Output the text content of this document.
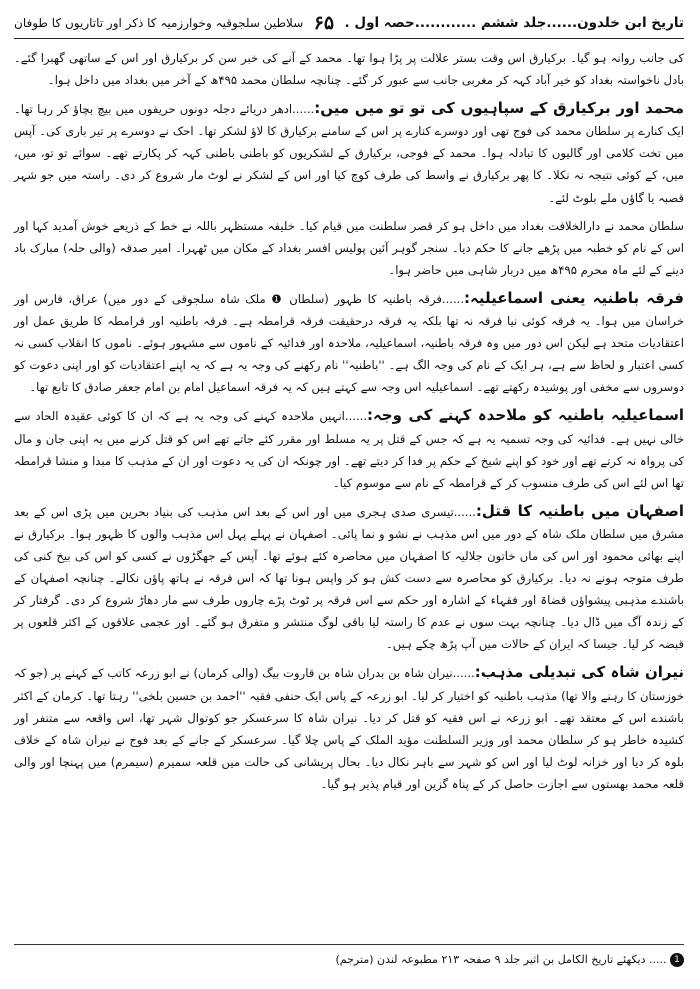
تاریخ ابن خلدون......جلد ششم ............حصہ اول .
۶۵
سلاطین سلجوقیہ وخوارزمیہ کا ذکر اور تاتاریوں کا طوفان

کی جانب روانہ ہو گیا۔ برکیارق اس وقت بستر علالت پر پڑا ہوا تھا۔ محمد کے آنے کی خبر سن کر برکیارق اور اس کے ساتھی گھبرا گئے۔ بادل ناخواستہ بغداد کو خیر آباد کہہ کر مغربی جانب سے عبور کر گئے۔ چنانچہ سلطان محمد ۴۹۵ھ کے آخر میں بغداد میں داخل ہوا۔

محمد اور برکیارق کے سپاہیوں کی تو تو میں میں:......ادھر دریائے دجلہ دونوں حریفوں میں بیچ بچاؤ کر رہا تھا۔ ایک کنارے پر سلطان محمد کی فوج تھی اور دوسرے کنارے پر اس کے سامنے برکیارق کا لاؤ لشکر تھا۔ احک نے دوسرے پر تیر باری کی۔ آپس میں تخت کلامی اور گالیوں کا تبادلہ ہوا۔ محمد کے فوجی، برکیارق کے لشکریوں کو باطنی باطنی کہہ کر پکارتے تھے۔ سوائے تو تو، میں، میں، کے کوئی نتیجہ نہ نکلا۔ کا پھر برکیارق نے واسط کی طرف کوچ کیا اور اس کے لشکر نے لوٹ مار شروع کر دی۔ راستہ میں جو شہر قصبہ یا گاؤں ملے بلوٹ لئے۔

سلطان محمد نے دارالخلافت بغداد میں داخل ہو کر قصر سلطنت میں قیام کیا۔ خلیفہ مستظہر باللہ نے خط کے ذریعے خوش آمدید کہا اور اس کے نام کو خطبہ میں پڑھے جانے کا حکم دیا۔ سنجر گوہر آئین پولیس افسر بغداد کے مکان میں ٹھہرا۔ امیر صدقہ (والی حلہ) مبارک باد دینے کے لئے ماہ محرم ۴۹۵ھ میں دربار شاہی میں حاضر ہوا۔

فرقہ باطنیہ یعنی اسماعیلیہ:......فرقہ باطنیہ کا ظہور (سلطان ❶ ملک شاہ سلجوقی کے دور میں) عراق، فارس اور خراسان میں ہوا۔ یہ فرقہ کوئی نیا فرقہ نہ تھا بلکہ یہ فرقہ درحقیقت فرقہ قرامطہ ہے۔ فرقہ باطنیہ اور قرامطہ کا طریق عمل اور اعتقادیات متحد ہے لیکن اس دور میں وہ فرقہ باطنیہ، اسماعیلیہ، ملاحدہ اور فدائیہ کے ناموں سے مشہور ہوئے۔ ناموں کا انقلاب کسی نہ کسی اعتبار و لحاظ سے ہے، ہر ایک کے نام کی وجہ الگ ہے۔ ''باطنیہ'' نام رکھنے کی وجہ یہ ہے کہ یہ اپنے اعتقادیات کو اور اپنی دعوت کو دوسروں سے مخفی اور پوشیدہ رکھتے تھے۔ اسماعیلیہ اس وجہ سے کہتے ہیں کہ یہ فرقہ اسماعیل امام بن امام جعفر صادق کا تابع تھا۔

اسماعیلیہ باطنیہ کو ملاحدہ کہنے کی وجہ:......انہیں ملاحدہ کہنے کی وجہ یہ ہے کہ ان کا کوئی عقیدہ الحاد سے خالی نہیں ہے۔ فدائیہ کی وجہ تسمیہ یہ ہے کہ جس کے قتل پر یہ مسلط اور مقرر کئے جاتے تھے اس کو قتل کرنے میں یہ اپنی جان و مال کی پرواہ نہ کرتے تھے اور خود کو اپنے شیخ کے حکم پر فدا کر دیتے تھے۔ اور چونکہ ان کی یہ دعوت اور ان کے مذہب کا مبدا و منشا قرامطہ تھا اس لئے اس کی طرف منسوب کر کے قرامطہ کے نام سے موسوم کیا۔

اصفہان میں باطنیہ کا قتل:......تیسری صدی ہجری میں اور اس کے بعد اس مذہب کی بنیاد بحرین میں پڑی اس کے بعد مشرق میں سلطان ملک شاہ کے دور میں اس مذہب نے نشو و نما پائی۔ اصفہان نے پہلے پہل اس مذہب والوں کا ظہور ہوا۔ برکیارق نے اپنے بھائی محمود اور اس کی ماں خاتون جلالیہ کا اصفہان میں محاصرہ کئے ہوئے تھا۔ آپس کے جھگڑوں نے کسی کو اس کی بیخ کنی کی طرف متوجہ ہونے نہ دیا۔ برکیارق کو محاصرہ سے دست کش ہو کر واپس ہونا تھا کہ اس فرقہ نے ہاتھ پاؤں نکالے۔ چنانچہ اصفہان کے باشندے مذہبی پیشواؤں قضاۃ اور فقہاء کے اشارہ اور حکم سے اس فرقہ پر ٹوٹ پڑے چاروں طرف سے مار دھاڑ شروع کر دی۔ گرفتار کر کے زندہ آگ میں ڈال دیا۔ چنانچہ بہت سوں نے عدم کا راستہ لیا باقی لوگ منتشر و متفرق ہو گئے۔ اور عجمی علاقوں کے اکثر قلعوں پر قبضہ کر لیا۔ جیسا کہ ایران کے حالات میں آپ پڑھ چکے ہیں۔

نیران شاہ کی تبدیلی مذہب:......نیران شاہ بن بدران شاہ بن قاروت بیگ (والی کرمان) نے ابو زرعہ کاتب کے کہنے پر (جو کہ خوزستان کا رہنے والا تھا) مذہب باطنیہ کو اختیار کر لیا۔ ابو زرعہ کے پاس ایک حنفی فقیہ ''احمد بن حسین بلخی'' رہتا تھا۔ کرمان کے اکثر باشندے اس کے معتقد تھے۔ ابو زرعہ نے اس فقیہ کو قتل کر دیا۔ نیران شاہ کا سرعسکر جو کوتوال شہر تھا، اس واقعہ سے متنفر اور کشیدہ خاطر ہو کر سلطان محمد اور وزیر السلطنت مؤید الملک کے پاس چلا گیا۔ سرعسکر کے جانے کے بعد فوج نے نیران شاہ کے خلاف بلوہ کر دیا اور خزانہ لوٹ لیا اور اس کو شہر سے باہر نکال دیا۔ بحال پریشانی کی حالت میں قلعہ سمیرم (سیمرم) میں پہنچا اور والی قلعہ محمد بھستوں سے اجازت حاصل کر کے پناہ گزین اور قیام پذیر ہو گیا۔

1 ..... دیکھئے تاریخ الکامل بن اثیر جلد ۹ صفحہ ۲۱۳ مطبوعہ لندن (مترجم)
